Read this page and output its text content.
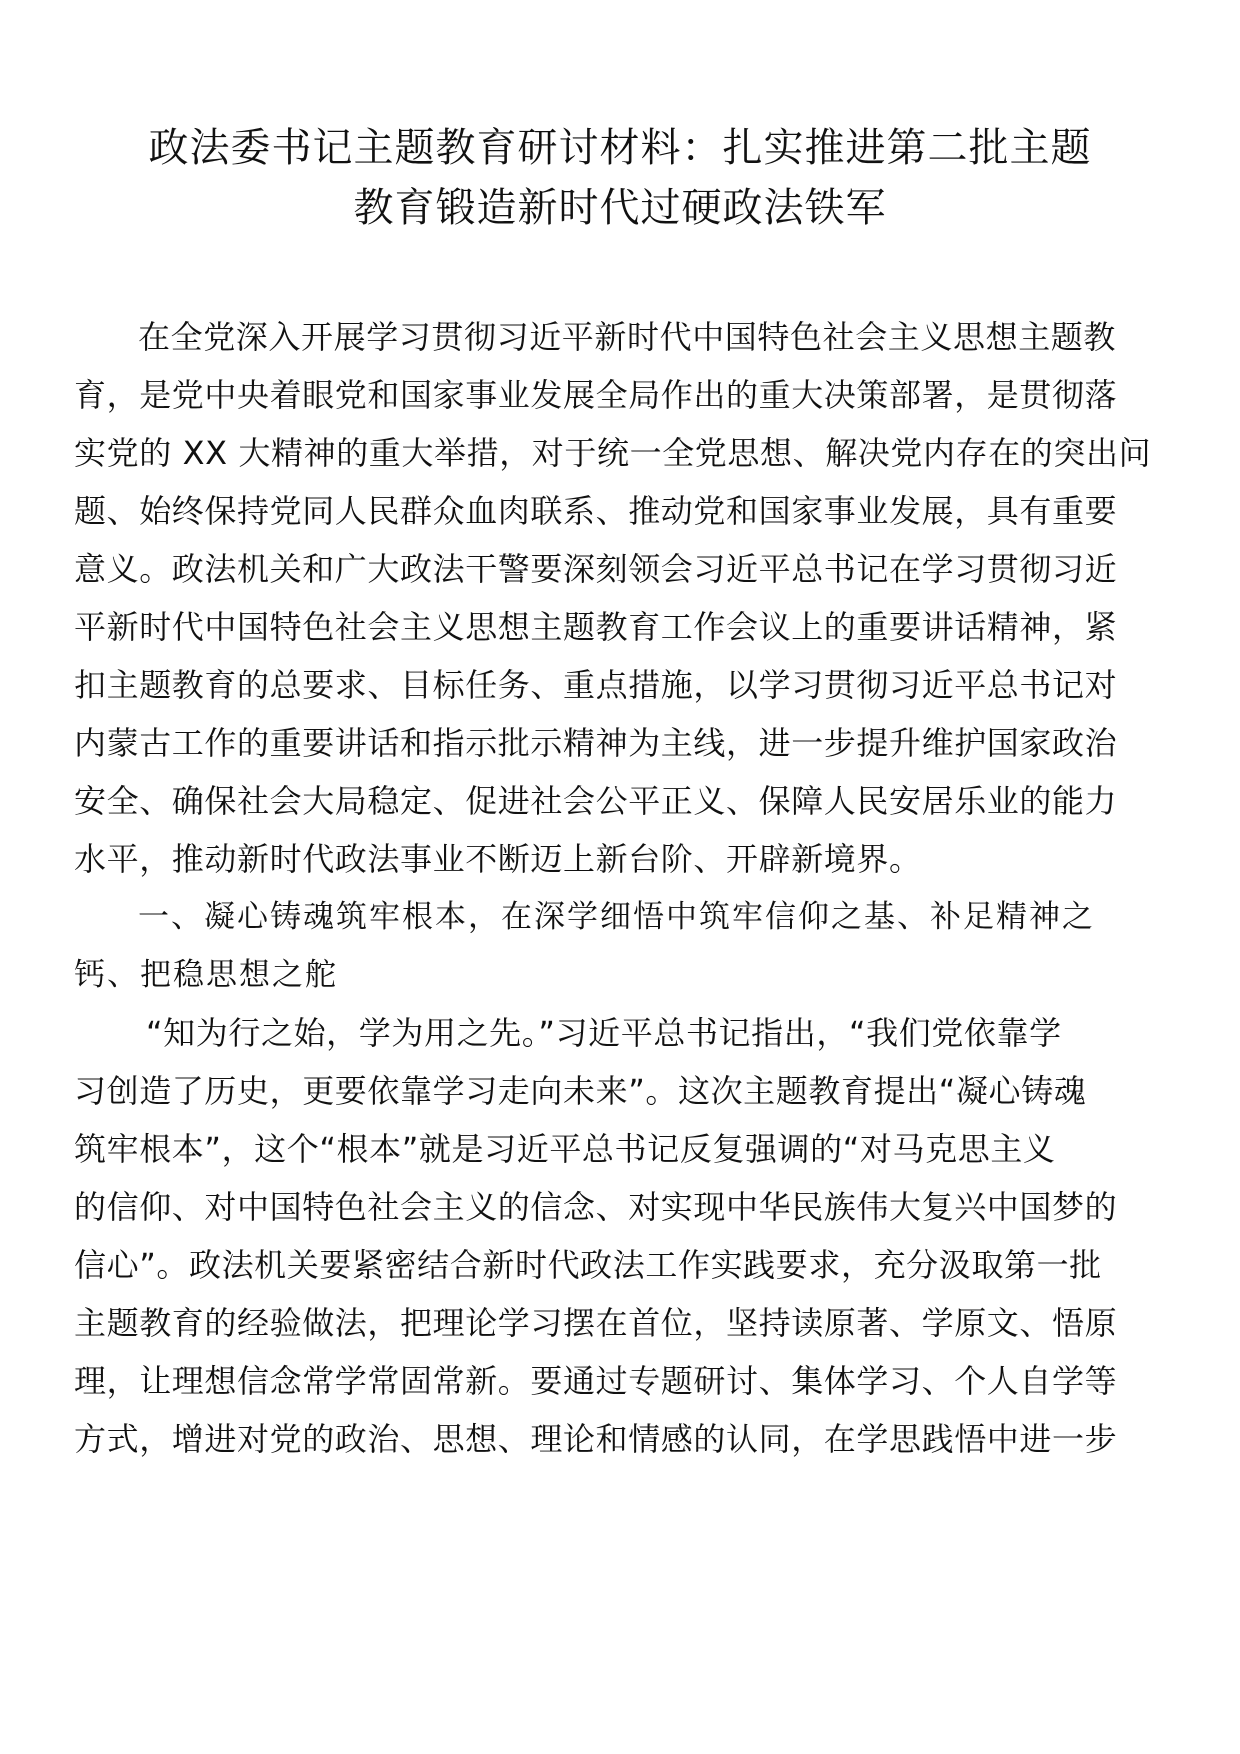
政法委书记主题教育研讨材料：扎实推进第二批主题
教育锻造新时代过硬政法铁军
在全党深入开展学习贯彻习近平新时代中国特色社会主义思想主题教
育，是党中央着眼党和国家事业发展全局作出的重大决策部署，是贯彻落
实党的 XX 大精神的重大举措，对于统一全党思想、解决党内存在的突出问
题、始终保持党同人民群众血肉联系、推动党和国家事业发展，具有重要
意义。政法机关和广大政法干警要深刻领会习近平总书记在学习贯彻习近
平新时代中国特色社会主义思想主题教育工作会议上的重要讲话精神，紧
扣主题教育的总要求、目标任务、重点措施，以学习贯彻习近平总书记对
内蒙古工作的重要讲话和指示批示精神为主线，进一步提升维护国家政治
安全、确保社会大局稳定、促进社会公平正义、保障人民安居乐业的能力
水平，推动新时代政法事业不断迈上新台阶、开辟新境界。
一、凝心铸魂筑牢根本，在深学细悟中筑牢信仰之基、补足精神之
钙、把稳思想之舵
“知为行之始，学为用之先。”习近平总书记指出，“我们党依靠学
习创造了历史，更要依靠学习走向未来”。这次主题教育提出“凝心铸魂
筑牢根本”，这个“根本”就是习近平总书记反复强调的“对马克思主义
的信仰、对中国特色社会主义的信念、对实现中华民族伟大复兴中国梦的
信心”。政法机关要紧密结合新时代政法工作实践要求，充分汲取第一批
主题教育的经验做法，把理论学习摆在首位，坚持读原著、学原文、悟原
理，让理想信念常学常固常新。要通过专题研讨、集体学习、个人自学等
方式，增进对党的政治、思想、理论和情感的认同，在学思践悟中进一步
